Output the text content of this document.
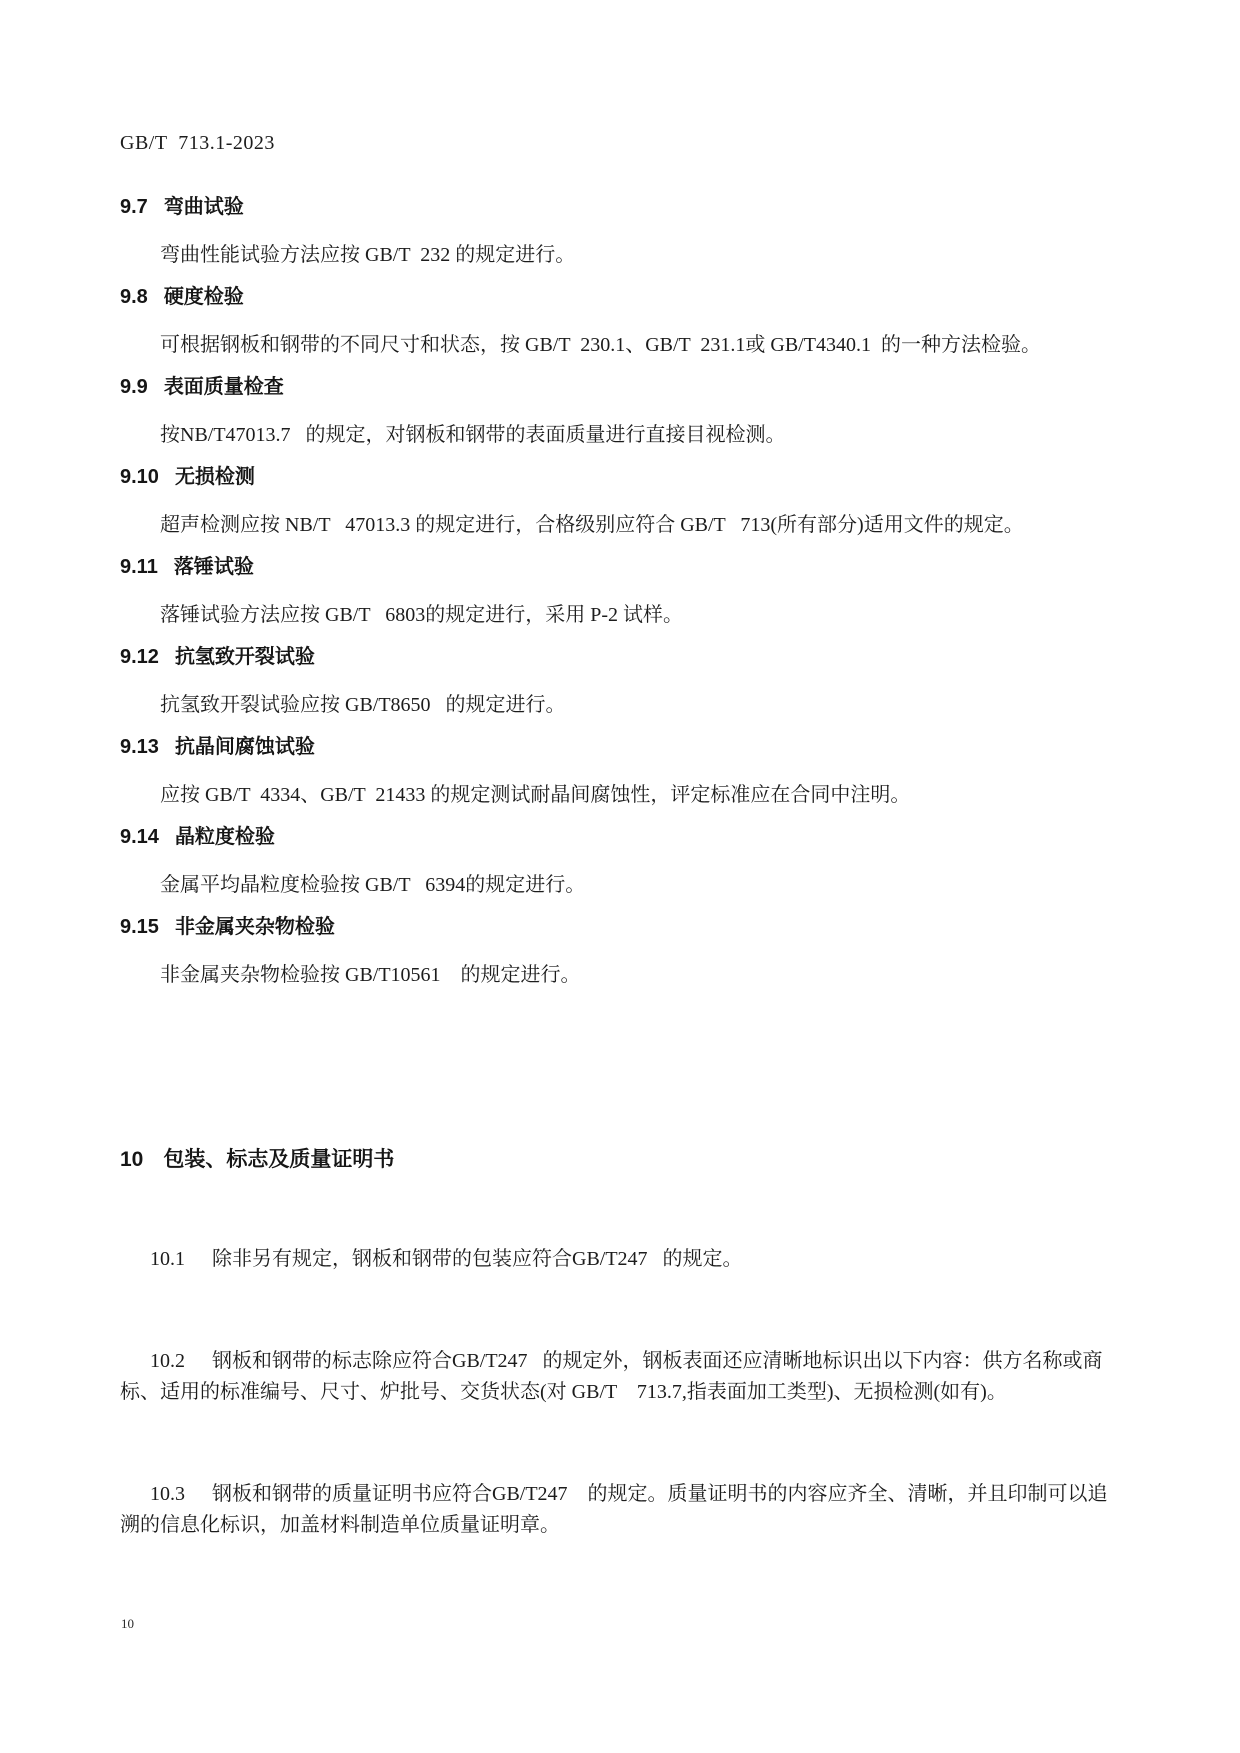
GB/T  713.1-2023
9.7 弯曲试验

弯曲性能试验方法应按 GB/T  232 的规定进行。

9.8 硬度检验

可根据钢板和钢带的不同尺寸和状态，按 GB/T  230.1、GB/T  231.1或 GB/T4340.1  的一种方法检验。

9.9 表面质量检查

按NB/T47013.7   的规定，对钢板和钢带的表面质量进行直接目视检测。

9.10 无损检测

超声检测应按 NB/T   47013.3 的规定进行，合格级别应符合 GB/T   713(所有部分)适用文件的规定。

9.11 落锤试验

落锤试验方法应按 GB/T   6803的规定进行，采用 P-2 试样。

9.12 抗氢致开裂试验

抗氢致开裂试验应按 GB/T8650   的规定进行。

9.13 抗晶间腐蚀试验

应按 GB/T  4334、GB/T  21433 的规定测试耐晶间腐蚀性，评定标准应在合同中注明。

9.14 晶粒度检验

金属平均晶粒度检验按 GB/T   6394的规定进行。

9.15 非金属夹杂物检验

非金属夹杂物检验按 GB/T10561    的规定进行。

10 包装、标志及质量证明书

10.1 除非另有规定，钢板和钢带的包装应符合GB/T247   的规定。

10.2 钢板和钢带的标志除应符合GB/T247   的规定外，钢板表面还应清晰地标识出以下内容：供方名称或商标、适用的标准编号、尺寸、炉批号、交货状态(对 GB/T    713.7,指表面加工类型)、无损检测(如有)。

10.3 钢板和钢带的质量证明书应符合GB/T247    的规定。质量证明书的内容应齐全、清晰，并且印制可以追溯的信息化标识，加盖材料制造单位质量证明章。

10
